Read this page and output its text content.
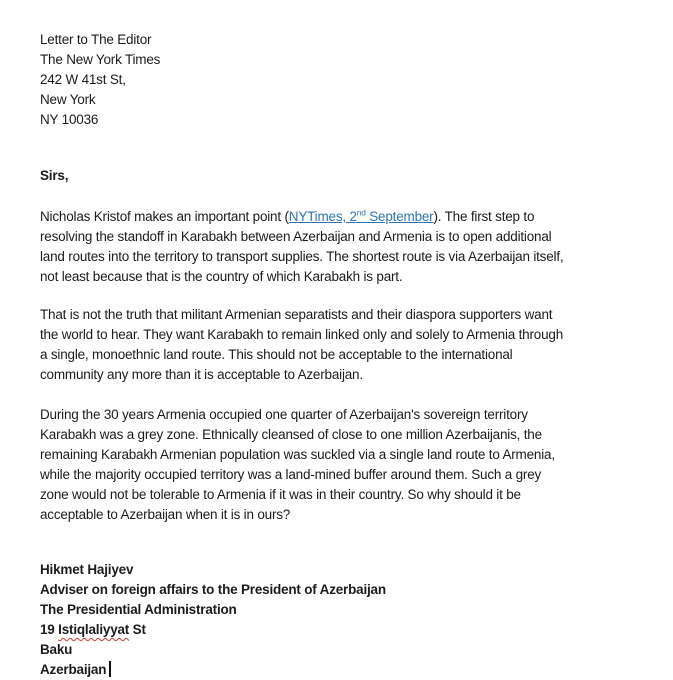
Letter to The Editor
The New York Times
242 W 41st St,
New York
NY 10036
Sirs,
Nicholas Kristof makes an important point (NYTimes, 2nd September). The first step to
resolving the standoff in Karabakh between Azerbaijan and Armenia is to open additional
land routes into the territory to transport supplies. The shortest route is via Azerbaijan itself,
not least because that is the country of which Karabakh is part.
That is not the truth that militant Armenian separatists and their diaspora supporters want
the world to hear. They want Karabakh to remain linked only and solely to Armenia through
a single, monoethnic land route. This should not be acceptable to the international
community any more than it is acceptable to Azerbaijan.
During the 30 years Armenia occupied one quarter of Azerbaijan's sovereign territory
Karabakh was a grey zone. Ethnically cleansed of close to one million Azerbaijanis, the
remaining Karabakh Armenian population was suckled via a single land route to Armenia,
while the majority occupied territory was a land-mined buffer around them. Such a grey
zone would not be tolerable to Armenia if it was in their country. So why should it be
acceptable to Azerbaijan when it is in ours?
Hikmet Hajiyev
Adviser on foreign affairs to the President of Azerbaijan
The Presidential Administration
19 Istiqlaliyyat St
Baku
Azerbaijan
